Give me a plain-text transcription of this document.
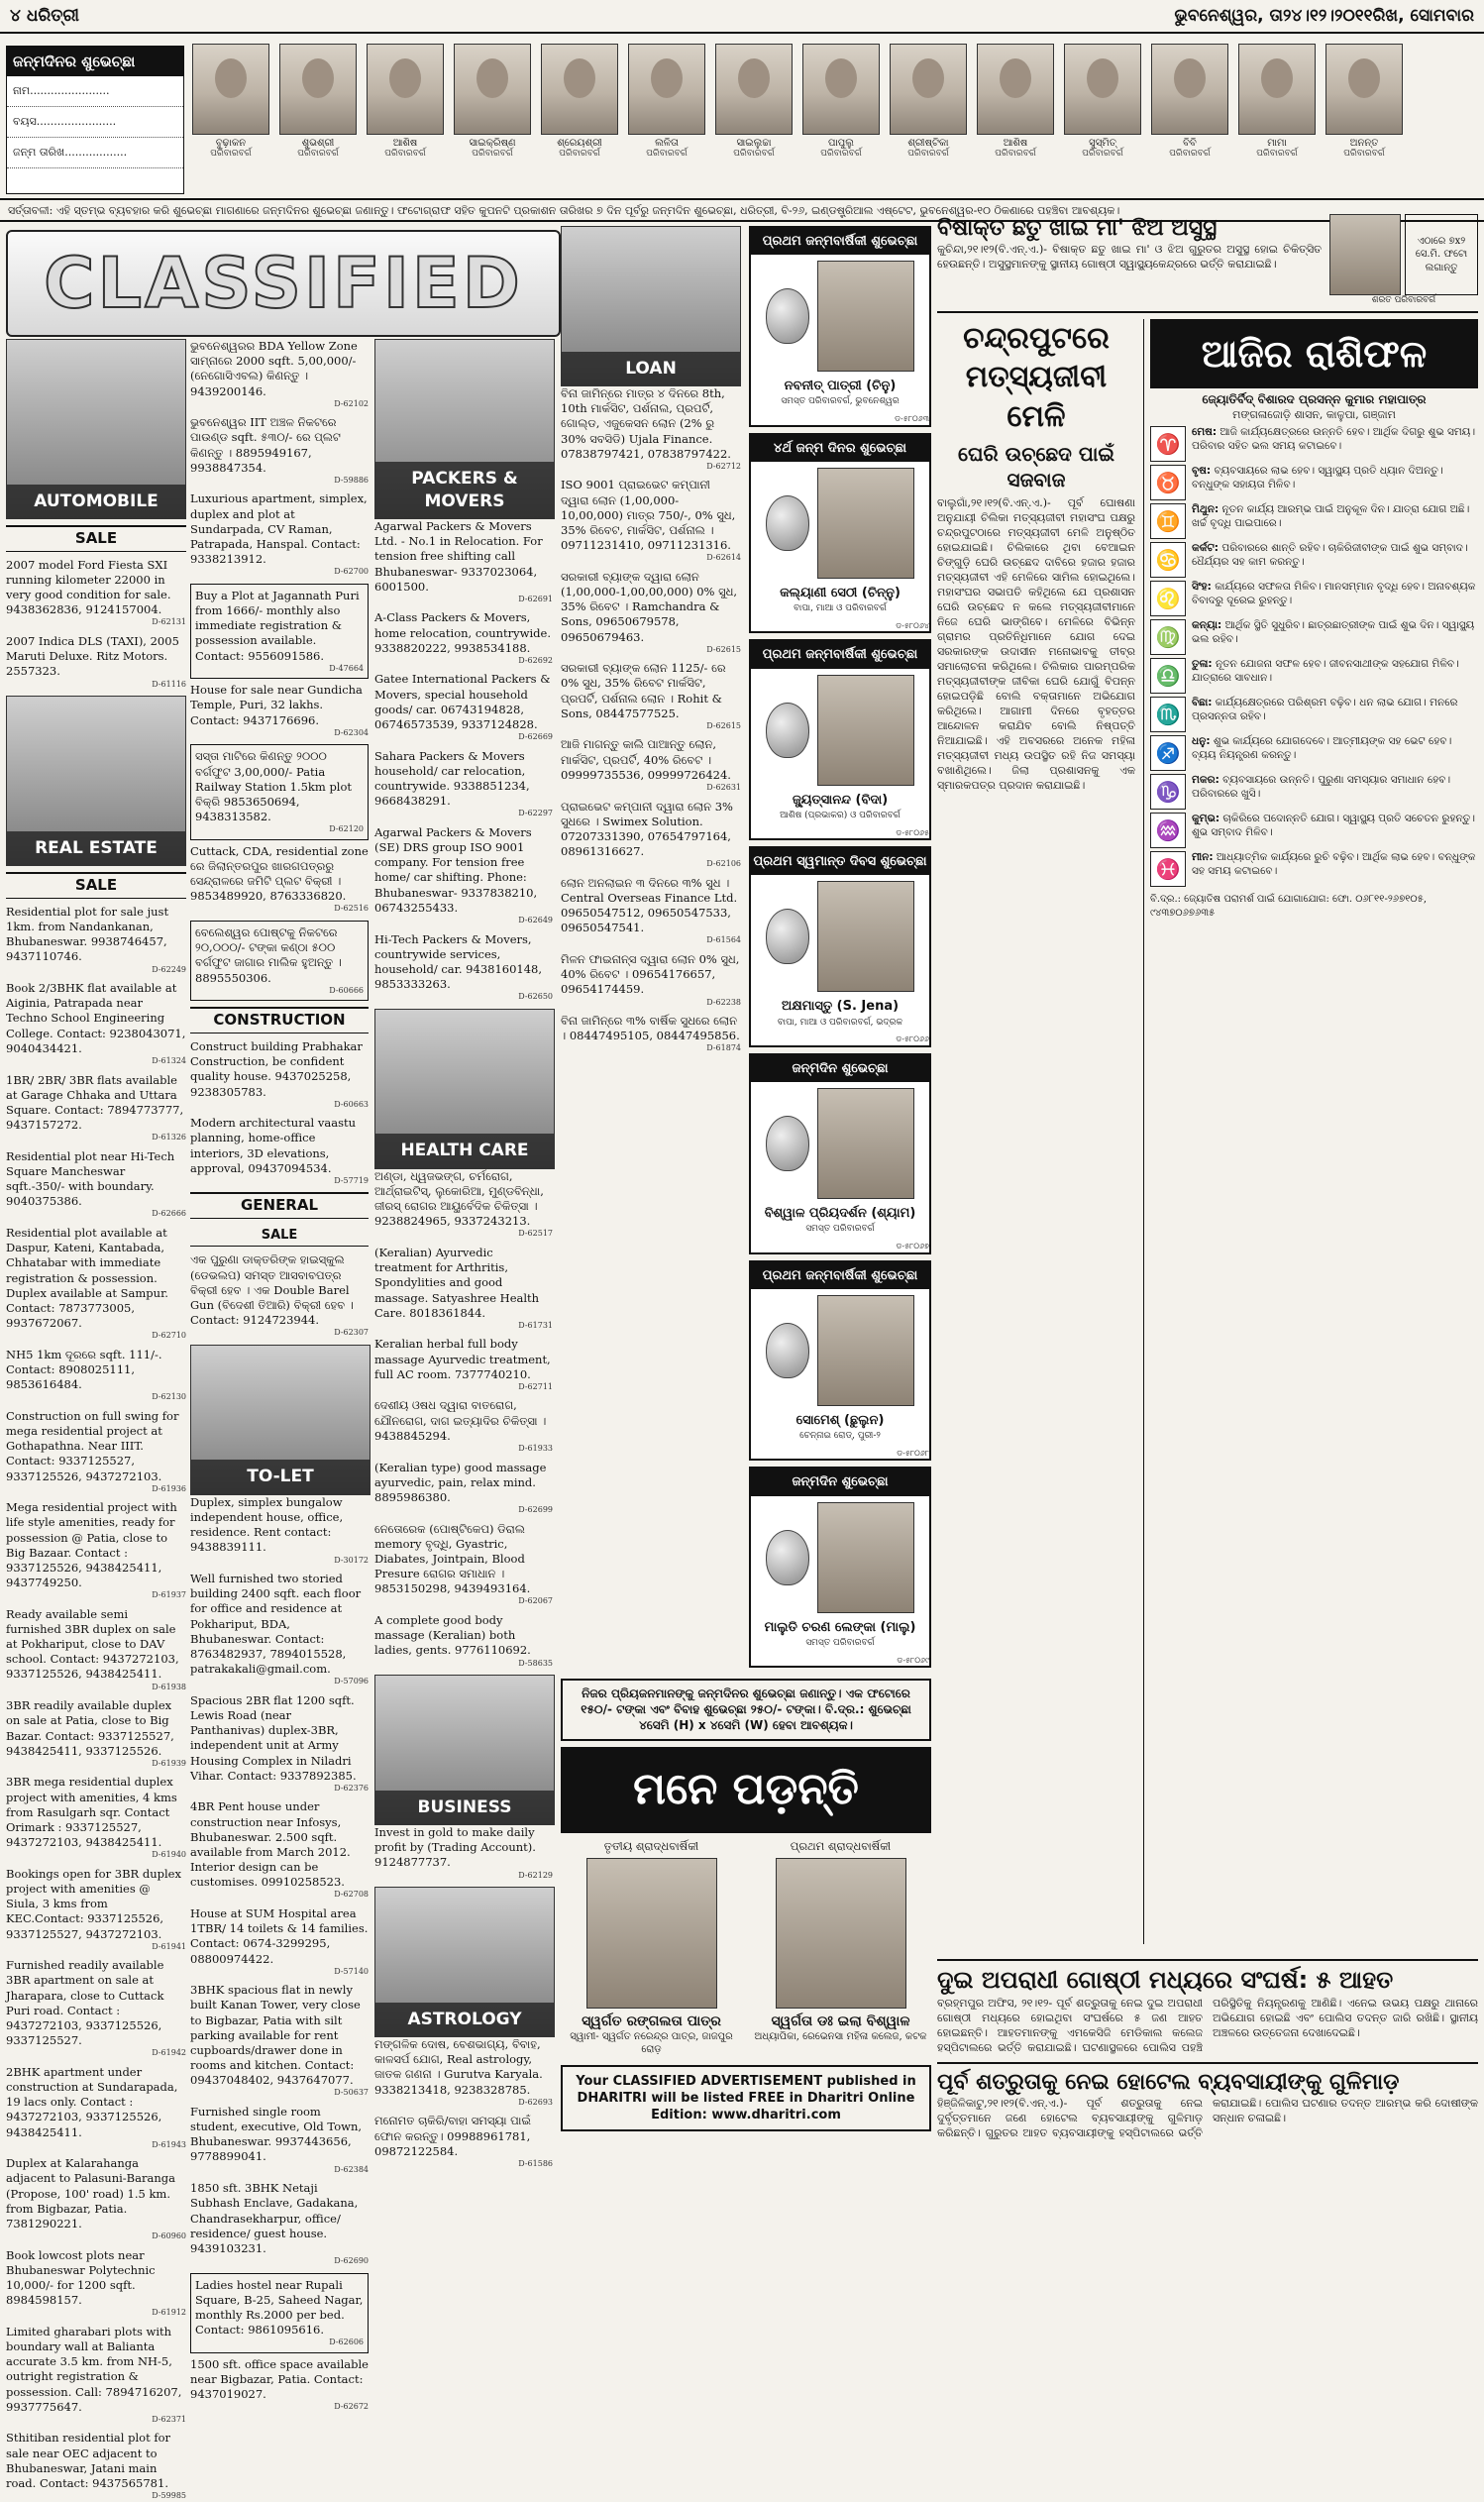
୪ ଧରିତ୍ରୀ	ଭୁବନେଶ୍ୱର, ତା୨୪।୧୨।୨୦୧୧ରିଖ, ସୋମବାର
ଜନ୍ମଦିନର ଶୁଭେଚ୍ଛା
ନାମ.......................
ବୟସ.......................
ଜନ୍ମ ତାରିଖ..................
ବୁଢ଼ାକନ
ପରିବାରବର୍ଗ
ଶୁଭଶ୍ରୀ
ପରିବାରବର୍ଗ
ଆଶିଷ
ପରିବାରବର୍ଗ
ସାଇକ୍ରିଷ୍ଣ
ପରିବାରବର୍ଗ
ଶ୍ରେୟଶ୍ରୀ
ପରିବାରବର୍ଗ
ଲଳିତା
ପରିବାରବର୍ଗ
ସାଇଲୁଚ୍ଚା
ପରିବାରବର୍ଗ
ପାପୁଲୁ
ପରିବାରବର୍ଗ
ଶ୍ରୀଷ୍ଟିକା
ପରିବାରବର୍ଗ
ଆଶିଷ
ପରିବାରବର୍ଗ
ସୁସ୍ମିତ୍
ପରିବାରବର୍ଗ
ବିବି
ପରିବାରବର୍ଗ
ମାମା
ପରିବାରବର୍ଗ
ଅନନ୍ତ
ପରିବାରବର୍ଗ
ସର୍ତ୍ତାବଳୀ: ଏହି ସ୍ତମ୍ଭ ବ୍ୟବହାର କରି ଶୁଭେଚ୍ଛା ମାଗଣାରେ ଜନ୍ମଦିନର ଶୁଭେଚ୍ଛା ଜଣାନ୍ତୁ। ଫଟୋଗ୍ରାଫ ସହିତ କୁପନଟି ପ୍ରକାଶନ ତାରିଖର ୭ ଦିନ ପୂର୍ବରୁ ଜନ୍ମଦିନ ଶୁଭେଚ୍ଛା, ଧରିତ୍ରୀ, ବି-୨୬, ଇଣ୍ଡଷ୍ଟ୍ରିଆଲ ଏଷ୍ଟେଟ, ଭୁବନେଶ୍ୱର-୧୦ ଠିକଣାରେ ପହଞ୍ଚିବା ଆବଶ୍ୟକ।
CLASSIFIED
AUTOMOBILE
SALE
2007 model Ford Fiesta SXI running kilometer 22000 in very good condition for sale. 9438362836, 9124157004.
D-62131
2007 Indica DLS (TAXI), 2005 Maruti Deluxe. Ritz Motors. 2557323.
D-61116
REAL ESTATE
SALE
Residential plot for sale just 1km. from Nandankanan, Bhubaneswar. 9938746457, 9437110746.
D-62249
Book 2/3BHK flat available at Aiginia, Patrapada near Techno School Engineering College. Contact: 9238043071, 9040434421.
D-61324
1BR/ 2BR/ 3BR flats available at Garage Chhaka and Uttara Square. Contact: 7894773777, 9437157272.
D-61326
Residential plot near Hi-Tech Square Mancheswar sqft.-350/- with boundary. 9040375386.
D-62666
Residential plot available at Daspur, Kateni, Kantabada, Chhatabar with immediate registration & possession. Duplex available at Sampur. Contact: 7873773005, 9937672067.
D-62710
NH5 1km ଦୂରରେ sqft. 111/-. Contact: 8908025111, 9853616484.
D-62130
Construction on full swing for mega residential project at Gothapathna. Near IIIT. Contact: 9337125527, 9337125526, 9437272103.
D-61936
Mega residential project with life style amenities, ready for possession @ Patia, close to Big Bazaar. Contact : 9337125526, 9438425411, 9437749250.
D-61937
Ready available semi furnished 3BR duplex on sale at Pokhariput, close to DAV school. Contact: 9437272103, 9337125526, 9438425411.
D-61938
3BR readily available duplex on sale at Patia, close to Big Bazar. Contact: 9337125527, 9438425411, 9337125526.
D-61939
3BR mega residential duplex project with amenities, 4 kms from Rasulgarh sqr. Contact Orimark : 9337125527, 9437272103, 9438425411.
D-61940
Bookings open for 3BR duplex project with amenities @ Siula, 3 kms from KEC.Contact: 9337125526, 9337125527, 9437272103.
D-61941
Furnished readily available 3BR apartment on sale at Jharapara, close to Cuttack Puri road. Contact : 9437272103, 9337125526, 9337125527.
D-61942
2BHK apartment under construction at Sundarapada, 19 lacs only. Contact : 9437272103, 9337125526, 9438425411.
D-61943
Duplex at Kalarahanga adjacent to Palasuni-Baranga (Propose, 100' road) 1.5 km. from Bigbazar, Patia. 7381290221.
D-60960
Book lowcost plots near Bhubaneswar Polytechnic 10,000/- for 1200 sqft. 8984598157.
D-61912
Limited gharabari plots with boundary wall at Balianta accurate 3.5 km. from NH-5, outright registration & possession. Call: 7894716207, 9937775647.
D-62371
Sthitiban residential plot for sale near OEC adjacent to Bhubaneswar, Jatani main road. Contact: 9437565781.
D-59985
ଭୁବନେଶ୍ୱରର BDA Yellow Zone ସାମ୍ନାରେ 2000 sqft. 5,00,000/- (ନେଗୋସିଏବଲ) କିଣନ୍ତୁ । 9439200146.
D-62102
ଭୁବନେଶ୍ୱର IIT ଅଞ୍ଚଳ ନିକଟରେ ପାଉଣ୍ଡ sqft. ୫୩୦/- ରେ ପ୍ଲଟ କିଣନ୍ତୁ । 8895949167, 9938847354.
D-59886
Luxurious apartment, simplex, duplex and plot at Sundarpada, CV Raman, Patrapada, Hanspal. Contact: 9338213912.
D-62700
Buy a Plot at Jagannath Puri from 1666/- monthly also immediate registration & possession available. Contact: 9556091586.
D-47664
House for sale near Gundicha Temple, Puri, 32 lakhs. Contact: 9437176696.
D-62304
ସସ୍ତା ମାଟିରେ କିଣନ୍ତୁ ୨୦୦୦ ବର୍ଗଫୁଟ 3,00,000/- Patia Railway Station 1.5km plot ବିକ୍ରି 9853650694, 9438313582.
D-62120
Cuttack, CDA, residential zone ରେ ଜିଲାନ୍ତରପୁର ଖାରଗପତ୍ରରୁ ସେନ୍ଦ୍ରାଳରେ ଜମିଟି ପ୍ଲଟ ବିକ୍ରୀ । 9853489920, 8763336820.
D-62516
ବେଲେଶ୍ୱର ପୋଷ୍ଟକୁ ନିକଟରେ ୨୦,୦୦୦/- ଟଙ୍କା କଣ୍ଠା ୫୦୦ ବର୍ଗଫୁଟ ଜାଗାର ମାଲିକ ହୁଅନ୍ତୁ । 8895550306.
D-60666
CONSTRUCTION
Construct building Prabhakar Construction, be confident quality house. 9437025258, 9238305783.
D-60663
Modern architectural vaastu planning, home-office interiors, 3D elevations, approval, 09437094534.
D-57719
GENERAL
SALE
ଏକ ପୁରୁଣା ଡାକ୍ତରିଙ୍କ ହାଇସ୍କୁଲ (ଡେଭଲପ) ସମସ୍ତ ଆସବାବପତ୍ର ବିକ୍ରୀ ହେବ । ଏକ Double Barel Gun (ବିଦେଶୀ ତିଆରି) ବିକ୍ରୀ ହେବ । Contact: 9124723944.
D-62307
TO-LET
Duplex, simplex bungalow independent house, office, residence. Rent contact: 9438839111.
D-30172
Well furnished two storied building 2400 sqft. each floor for office and residence at Pokhariput, BDA, Bhubaneswar. Contact: 8763482937, 7894015528, patrakakali@gmail.com.
D-57096
Spacious 2BR flat 1200 sqft. Lewis Road (near Panthanivas) duplex-3BR, independent unit at Army Housing Complex in Niladri Vihar. Contact: 9337892385.
D-62376
4BR Pent house under construction near Infosys, Bhubaneswar. 2.500 sqft. available from March 2012. Interior design can be customises. 09910258523.
D-62708
House at SUM Hospital area 1TBR/ 14 toilets & 14 families. Contact: 0674-3299295, 08800974422.
D-57140
3BHK spacious flat in newly built Kanan Tower, very close to Bigbazar, Patia with silt parking available for rent cupboards/drawer done in rooms and kitchen. Contact: 09437048402, 9437647077.
D-50637
Furnished single room student, executive, Old Town, Bhubaneswar. 9937443656, 9778899041.
D-62384
1850 sft. 3BHK Netaji Subhash Enclave, Gadakana, Chandrasekharpur, office/ residence/ guest house. 9439103231.
D-62690
Ladies hostel near Rupali Square, B-25, Saheed Nagar, monthly Rs.2000 per bed. Contact: 9861095616.
D-62606
1500 sft. office space available near Bigbazar, Patia. Contact: 9437019027.
D-62672
PACKERS & MOVERS
Agarwal Packers & Movers Ltd. - No.1 in Relocation. For tension free shifting call Bhubaneswar- 9337023064, 6001500.
D-62691
A-Class Packers & Movers, home relocation, countrywide. 9338820222, 9938534188.
D-62692
Gatee International Packers & Movers, special household goods/ car. 06743194828, 06746573539, 9337124828.
D-62669
Sahara Packers & Movers household/ car relocation, countrywide. 9338851234, 9668438291.
D-62297
Agarwal Packers & Movers (SE) DRS group ISO 9001 company. For tension free home/ car shifting. Phone: Bhubaneswar- 9337838210, 06743255433.
D-62649
Hi-Tech Packers & Movers, countrywide services, household/ car. 9438160148, 9853333263.
D-62650
HEALTH CARE
ଅଣ୍ଡା, ଧ୍ୱଜଭଙ୍ଗ, ଚର୍ମରୋଗ, ଆର୍ଥ୍ରାଇଟିସ୍, ଲୁକୋରିଆ, ମୁଣ୍ଡବିନ୍ଧା, ଜୀରସ୍ ରୋଗର ଆୟୁର୍ବେଦିକ ଚିକିତ୍ସା । 9238824965, 9337243213.
D-62517
(Keralian) Ayurvedic treatment for Arthritis, Spondylities and good massage. Satyashree Health Care. 8018361844.
D-61731
Keralian herbal full body massage Ayurvedic treatment, full AC room. 7377740210.
D-62711
ଦେଶୀୟ ଓଷଧ ଦ୍ୱାରା ବାତରୋଗ, ଯୌନରୋଗ, ଦାଗ ଇତ୍ୟାଦିର ଚିକିତ୍ସା । 9438845294.
D-61933
(Keralian type) good massage ayurvedic, pain, relax mind. 8895986380.
D-62699
ନେତୋରେକ (ପୋଷ୍ଟିକେପ) ଡିରାଲ memory ବୃଦ୍ଧି, Gyastric, Diabates, Jointpain, Blood Presure ରୋଗର ସମାଧାନ । 9853150298, 9439493164.
D-62067
A complete good body massage (Keralian) both ladies, gents. 9776110692.
D-58635
BUSINESS
Invest in gold to make daily profit by (Trading Account). 9124877737.
D-62129
ASTROLOGY
ମଙ୍ଗଳିକ ଦୋଷ, ବେଶଭାଗ୍ୟ, ବିବାହ, କାଳସର୍ପ ଯୋଗ, Real astrology, ଜାତକ ଗଣନା । Gurutva Karyala. 9338213418, 9238328785.
D-62693
ମନୋମତ ଚାକିରି/ବାହା ସମସ୍ୟା ପାଇଁ ଫୋନ କରନ୍ତୁ। 09988961781, 09872122584.
D-61586
LOAN
ବିନା ଜାମିନ୍ରେ ମାତ୍ର ୪ ଦିନରେ 8th, 10th ମାର୍କସିଟ, ପର୍ଶନାଲ, ପ୍ରପର୍ଟି, ଗୋଲ୍ଡ, ଏଜୁକେସନ ଲୋନ (2% ରୁ 30% ସବସିଡି) Ujala Finance. 07838797421, 07838797422.
D-62712
ISO 9001 ପ୍ରାଇଭେଟ କମ୍ପାନୀ ଦ୍ୱାରା ଲୋନ (1,00,000-10,00,000) ମାତ୍ର 750/-, 0% ସୁଧ, 35% ରିବେଟ, ମାର୍କସିଟ, ପର୍ଶନାଲ । 09711231410, 09711231316.
D-62614
ସରକାରୀ ବ୍ୟାଙ୍କ ଦ୍ୱାରା ଲୋନ (1,00,000-1,00,00,000) 0% ସୁଧ, 35% ରିବେଟ । Ramchandra & Sons, 09650679578, 09650679463.
D-62615
ସରକାରୀ ବ୍ୟାଙ୍କ ଲୋନ 1125/- ରେ 0% ସୁଧ, 35% ରିବେଟ ମାର୍କସିଟ, ପ୍ରପର୍ଟି, ପର୍ଶନାଲ ଲୋନ । Rohit & Sons, 08447577525.
D-62615
ଆଜି ମାଗନ୍ତୁ କାଲି ପାଆନ୍ତୁ ଲୋନ, ମାର୍କସିଟ, ପ୍ରପର୍ଟି, 40% ରିବେଟ । 09999735536, 09999726424.
D-62631
ପ୍ରାଇଭେଟ କମ୍ପାନୀ ଦ୍ୱାରା ଲୋନ 3% ସୁଧରେ । Swimex Solution. 07207331390, 07654797164, 08961316627.
D-62106
ଲୋନ ଅନଲାଇନ ୩ ଦିନରେ ୩% ସୁଧ । Central Overseas Finance Ltd. 09650547512, 09650547533, 09650547541.
D-61564
ମିଳନ ଫାଇନାନ୍ସ ଦ୍ୱାରା ଲୋନ 0% ସୁଧ, 40% ରିବେଟ । 09654176657, 09654174459.
D-62238
ବିନା ଜାମିନ୍ରେ ୩% ବାର୍ଷିକ ସୁଧରେ ଲୋନ । 08447495105, 08447495856.
D-61874
ପ୍ରଥମ ଜନ୍ମବାର୍ଷିକୀ ଶୁଭେଚ୍ଛା
ନବନୀତ୍ ପାତ୍ରୀ (ଚିନୁ)
ସମସ୍ତ ପରିବାରବର୍ଗ, ଭୁବନେଶ୍ୱର
ଡ-୫୮୦୬୩
୪ର୍ଥ ଜନ୍ମ ଦିନର ଶୁଭେଚ୍ଛା
କଲ୍ୟାଣୀ ସେଠୀ (ଚିନ୍ନୁ)
ବାପା, ମାଆ ଓ ପରିବାରବର୍ଗ
ଡ-୫୮୦୬୪
ପ୍ରଥମ ଜନ୍ମବାର୍ଷିକୀ ଶୁଭେଚ୍ଛା
ଜ୍ୟୁତ୍ସାନନ୍ଦ (ବିଦା)
ଆଶିଷ (ପ୍ରଭାକର) ଓ ପରିବାରବର୍ଗ
ଡ-୫୮୦୬୫
ପ୍ରଥମ ସ୍ୱମାନ୍ତ ଦିବସ ଶୁଭେଚ୍ଛା
ଅକ୍ଷମାସ୍ତୁ (S. Jena)
ବାପା, ମାଆ ଓ ପରିବାରବର୍ଗ, ଭଦ୍ରକ
ଡ-୫୮୦୬୬
ଜନ୍ମଦିନ ଶୁଭେଚ୍ଛା
ବିଶ୍ୱାଳ ପ୍ରିୟଦର୍ଶନ (ଶ୍ୟାମ)
ସମସ୍ତ ପରିବାରବର୍ଗ
ଡ-୫୮୦୬୭
ପ୍ରଥମ ଜନ୍ମବାର୍ଷିକୀ ଶୁଭେଚ୍ଛା
ସୋମେଶ୍ (ଛୁଲୁନ)
ଚେନ୍ନାଇ ରୋଡ୍, ପୁରୀ-୨
ଡ-୫୮୦୬୮
ଜନ୍ମଦିନ ଶୁଭେଚ୍ଛା
ମାଲୁତି ଚରଣ ଲେଙ୍କା (ମାଲୁ)
ସମସ୍ତ ପରିବାରବର୍ଗ
ଡ-୫୮୦୬୯
ନିଜର ପ୍ରିୟଜନମାନଙ୍କୁ ଜନ୍ମଦିନର ଶୁଭେଚ୍ଛା ଜଣାନ୍ତୁ। ଏକ ଫଟୋରେ ୧୫୦/- ଟଙ୍କା ଏବଂ ବିବାହ ଶୁଭେଚ୍ଛା ୨୫୦/- ଟଙ୍କା। ବି.ଦ୍ର.: ଶୁଭେଚ୍ଛା ୪ସେମି (H) x ୪ସେମି (W) ହେବା ଆବଶ୍ୟକ।
ମନେ ପଡ଼ନ୍ତି
ତୃତୀୟ ଶ୍ରାଦ୍ଧବାର୍ଷିକୀ
ସ୍ୱର୍ଗତ ରଙ୍ଗଲତା ପାତ୍ର
ସ୍ୱାମୀ- ସ୍ୱର୍ଗତ ନରେନ୍ଦ୍ର ପାତ୍ର, ଜାଜପୁର ରୋଡ଼
ପ୍ରଥମ ଶ୍ରାଦ୍ଧବାର୍ଷିକୀ
ସ୍ୱର୍ଗତା ଡଃ ଇଲା ବିଶ୍ୱାଳ
ଅଧ୍ୟାପିକା, ରେଭେନସା ମହିଳା କଲେଜ, କଟକ
Your CLASSIFIED ADVERTISEMENT published in DHARITRI will be listed FREE in Dharitri Online Edition: www.dharitri.com
ବିଷାକ୍ତ ଛତୁ ଖାଇ ମା' ଝିଅ ଅସୁସ୍ଥ
କୁଚିନ୍ଦା,୨୧।୧୨(ବି.ଏନ୍.ଏ.)- ବିଷାକ୍ତ ଛତୁ ଖାଇ ମା' ଓ ଝିଅ ଗୁରୁତର ଅସୁସ୍ଥ ହୋଇ ଚିକିତ୍ସିତ ହେଉଛନ୍ତି। ଅସୁସ୍ଥମାନଙ୍କୁ ସ୍ଥାନୀୟ ଗୋଷ୍ଠୀ ସ୍ୱାସ୍ଥ୍ୟକେନ୍ଦ୍ରରେ ଭର୍ତ୍ତି କରାଯାଇଛି।
ଏଠାରେ ୭x୨ ସେ.ମି. ଫଟୋ ଲଗାନ୍ତୁ
ଶରତ ପରିବାରବର୍ଗ
ଚନ୍ଦ୍ରପୁଟରେ
ମତ୍ସ୍ୟଜୀବୀ ମେଳି
ଘେରି ଉଚ୍ଛେଦ ପାଇଁ ସଜବାଜ
ବାଲୁଗାଁ,୨୧।୧୨(ବି.ଏନ୍.ଏ.)- ପୂର୍ବ ଘୋଷଣା ଅନୁଯାୟୀ ଚିଲିକା ମତ୍ସ୍ୟଜୀବୀ ମହାସଂଘ ପକ୍ଷରୁ ଚନ୍ଦ୍ରପୁଟଠାରେ ମତ୍ସ୍ୟଜୀବୀ ମେଳି ଅନୁଷ୍ଠିତ ହୋଇଯାଇଛି। ଚିଲିକାରେ ଥିବା ବେଆଇନ ଚିଙ୍ଗୁଡ଼ି ଘେରି ଉଚ୍ଛେଦ ଦାବିରେ ହଜାର ହଜାର ମତ୍ସ୍ୟଜୀବୀ ଏହି ମେଳିରେ ସାମିଲ ହୋଇଥିଲେ। ମହାସଂଘର ସଭାପତି କହିଥିଲେ ଯେ ପ୍ରଶାସନ ଘେରି ଉଚ୍ଛେଦ ନ କଲେ ମତ୍ସ୍ୟଜୀବୀମାନେ ନିଜେ ଘେରି ଭାଙ୍ଗିବେ। ମେଳିରେ ବିଭିନ୍ନ ଗ୍ରାମର ପ୍ରତିନିଧିମାନେ ଯୋଗ ଦେଇ ସରକାରଙ୍କ ଉଦାସୀନ ମନୋଭାବକୁ ତୀବ୍ର ସମାଲୋଚନା କରିଥିଲେ। ଚିଲିକାର ପାରମ୍ପରିକ ମତ୍ସ୍ୟଜୀବୀଙ୍କ ଜୀବିକା ଘେରି ଯୋଗୁଁ ବିପନ୍ନ ହୋଇପଡ଼ିଛି ବୋଲି ବକ୍ତାମାନେ ଅଭିଯୋଗ କରିଥିଲେ। ଆଗାମୀ ଦିନରେ ବୃହତ୍ତର ଆନ୍ଦୋଳନ କରାଯିବ ବୋଲି ନିଷ୍ପତ୍ତି ନିଆଯାଇଛି। ଏହି ଅବସରରେ ଅନେକ ମହିଳା ମତ୍ସ୍ୟଜୀବୀ ମଧ୍ୟ ଉପସ୍ଥିତ ରହି ନିଜ ସମସ୍ୟା ବଖାଣିଥିଲେ। ଜିଲା ପ୍ରଶାସନକୁ ଏକ ସ୍ମାରକପତ୍ର ପ୍ରଦାନ କରାଯାଇଛି।
ଆଜିର ରାଶିଫଳ
ଜ୍ୟୋତିର୍ବିଦ୍ ବିଶାରଦ ପ୍ରସନ୍ନ କୁମାର ମହାପାତ୍ର
ମଙ୍ଗଳାଜୋଡ଼ି ଶାସନ, କାଳୁପା, ଗଞ୍ଜାମ
♈	ମେଷ: ଆଜି କାର୍ଯ୍ୟକ୍ଷେତ୍ରରେ ଉନ୍ନତି ହେବ। ଆର୍ଥିକ ଦିଗରୁ ଶୁଭ ସମୟ। ପରିବାର ସହିତ ଭଲ ସମୟ କଟାଇବେ।
♉	ବୃଷ: ବ୍ୟବସାୟରେ ଲାଭ ହେବ। ସ୍ୱାସ୍ଥ୍ୟ ପ୍ରତି ଧ୍ୟାନ ଦିଅନ୍ତୁ। ବନ୍ଧୁଙ୍କ ସହାୟତା ମିଳିବ।
♊	ମିଥୁନ: ନୂତନ କାର୍ଯ୍ୟ ଆରମ୍ଭ ପାଇଁ ଅନୁକୂଳ ଦିନ। ଯାତ୍ରା ଯୋଗ ଅଛି। ଖର୍ଚ୍ଚ ବୃଦ୍ଧି ପାଇପାରେ।
♋	କର୍କଟ: ପରିବାରରେ ଶାନ୍ତି ରହିବ। ଚାକିରିଜୀବୀଙ୍କ ପାଇଁ ଶୁଭ ସମ୍ବାଦ। ଧୈର୍ଯ୍ୟର ସହ କାମ କରନ୍ତୁ।
♌	ସିଂହ: କାର୍ଯ୍ୟରେ ସଫଳତା ମିଳିବ। ମାନସମ୍ମାନ ବୃଦ୍ଧି ହେବ। ଅନାବଶ୍ୟକ ବିବାଦରୁ ଦୂରେଇ ରୁହନ୍ତୁ।
♍	କନ୍ୟା: ଆର୍ଥିକ ସ୍ଥିତି ସୁଧୁରିବ। ଛାତ୍ରଛାତ୍ରୀଙ୍କ ପାଇଁ ଶୁଭ ଦିନ। ସ୍ୱାସ୍ଥ୍ୟ ଭଲ ରହିବ।
♎	ତୁଳା: ନୂତନ ଯୋଜନା ସଫଳ ହେବ। ଜୀବନସାଥୀଙ୍କ ସହଯୋଗ ମିଳିବ। ଯାତ୍ରାରେ ସାବଧାନ।
♏	ବିଛା: କାର୍ଯ୍ୟକ୍ଷେତ୍ରରେ ପରିଶ୍ରମ ବଢ଼ିବ। ଧନ ଲାଭ ଯୋଗ। ମନରେ ପ୍ରସନ୍ନତା ରହିବ।
♐	ଧନୁ: ଶୁଭ କାର୍ଯ୍ୟରେ ଯୋଗଦେବେ। ଆତ୍ମୀୟଙ୍କ ସହ ଭେଟ ହେବ। ବ୍ୟୟ ନିୟନ୍ତ୍ରଣ କରନ୍ତୁ।
♑	ମକର: ବ୍ୟବସାୟରେ ଉନ୍ନତି। ପୁରୁଣା ସମସ୍ୟାର ସମାଧାନ ହେବ। ପରିବାରରେ ଖୁସି।
♒	କୁମ୍ଭ: ଚାକିରିରେ ପଦୋନ୍ନତି ଯୋଗ। ସ୍ୱାସ୍ଥ୍ୟ ପ୍ରତି ସଚେତନ ରୁହନ୍ତୁ। ଶୁଭ ସମ୍ବାଦ ମିଳିବ।
♓	ମୀନ: ଆଧ୍ୟାତ୍ମିକ କାର୍ଯ୍ୟରେ ରୁଚି ବଢ଼ିବ। ଆର୍ଥିକ ଲାଭ ହେବ। ବନ୍ଧୁଙ୍କ ସହ ସମୟ କଟାଇବେ।
ବି.ଦ୍ର.: ଜ୍ୟୋତିଷ ପରାମର୍ଶ ପାଇଁ ଯୋଗାଯୋଗ: ଫୋ. ୦୬୮୧୧-୨୬୭୧୦୫, ୯୪୩୭୦୬୭୬୩୫
ଦୁଇ ଅପରାଧୀ ଗୋଷ୍ଠୀ ମଧ୍ୟରେ ସଂଘର୍ଷ: ୫ ଆହତ
ବ୍ରହ୍ମପୁର ଅଫିସ, ୨୧।୧୨- ପୂର୍ବ ଶତ୍ରୁତାକୁ ନେଇ ଦୁଇ ଅପରାଧୀ ଗୋଷ୍ଠୀ ମଧ୍ୟରେ ହୋଇଥିବା ସଂଘର୍ଷରେ ୫ ଜଣ ଆହତ ହୋଇଛନ୍ତି। ଆହତମାନଙ୍କୁ ଏମକେସିଜି ମେଡିକାଲ କଲେଜ ହସ୍ପିଟାଲରେ ଭର୍ତ୍ତି କରାଯାଇଛି। ଘଟଣାସ୍ଥଳରେ ପୋଲିସ ପହଞ୍ଚି ପରିସ୍ଥିତିକୁ ନିୟନ୍ତ୍ରଣକୁ ଆଣିଛି। ଏନେଇ ଉଭୟ ପକ୍ଷରୁ ଥାନାରେ ଅଭିଯୋଗ ହୋଇଛି ଏବଂ ପୋଲିସ ତଦନ୍ତ ଜାରି ରଖିଛି। ସ୍ଥାନୀୟ ଅଞ୍ଚଳରେ ଉତ୍ତେଜନା ଦେଖାଦେଇଛି।
ପୂର୍ବ ଶତ୍ରୁତାକୁ ନେଇ ହୋଟେଲ ବ୍ୟବସାୟୀଙ୍କୁ ଗୁଳିମାଡ଼
ହିଞ୍ଜିଳିକାଟୁ,୨୧।୧୨(ବି.ଏନ୍.ଏ.)- ପୂର୍ବ ଶତ୍ରୁତାକୁ ନେଇ ଦୁର୍ବୃତ୍ତମାନେ ଜଣେ ହୋଟେଲ ବ୍ୟବସାୟୀଙ୍କୁ ଗୁଳିମାଡ଼ କରିଛନ୍ତି। ଗୁରୁତର ଆହତ ବ୍ୟବସାୟୀଙ୍କୁ ହସ୍ପିଟାଲରେ ଭର୍ତ୍ତି କରାଯାଇଛି। ପୋଲିସ ଘଟଣାର ତଦନ୍ତ ଆରମ୍ଭ କରି ଦୋଷୀଙ୍କ ସନ୍ଧାନ ଚଳାଇଛି।
